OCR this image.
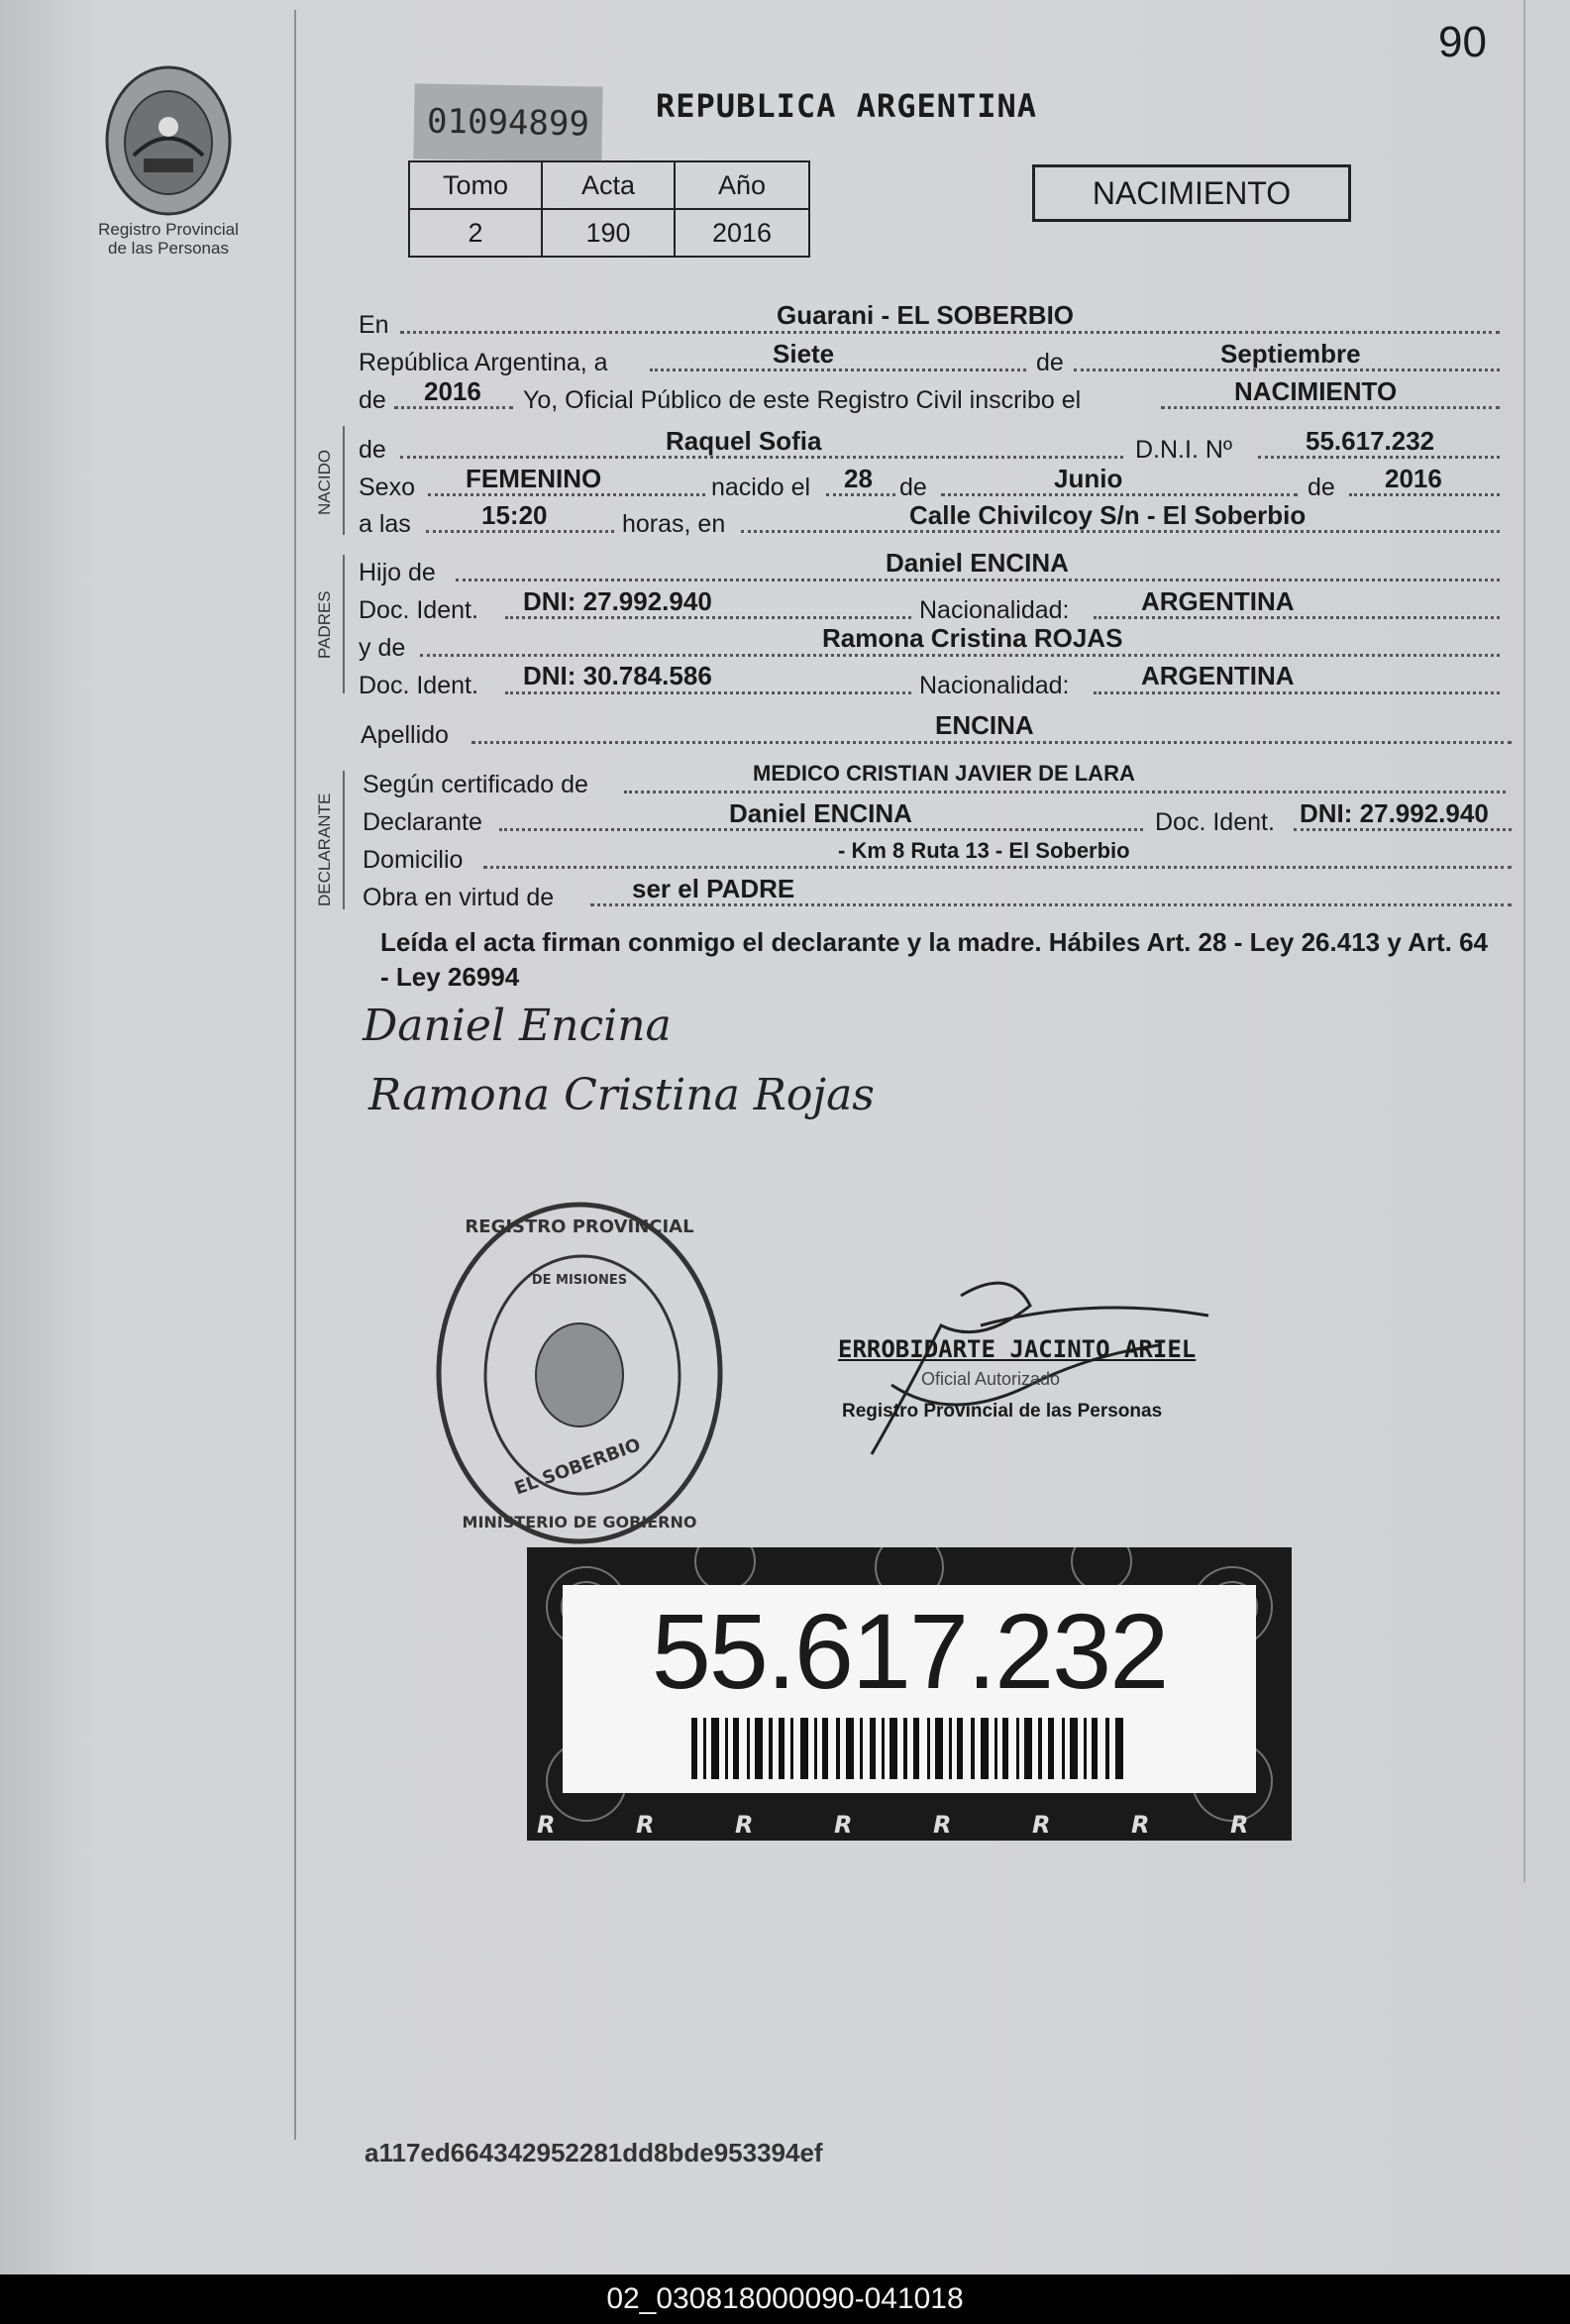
90
Registro Provincial
de las Personas
01094899	REPUBLICA ARGENTINA
Tomo	Acta	Año
2	190	2016
NACIMIENTO
En	Guarani - EL SOBERBIO
República Argentina, a	Siete	de	Septiembre
de 2016 Yo, Oficial Público de este Registro Civil inscribo el	NACIMIENTO
NACIDO de	Raquel Sofia	D.N.I. Nº	55.617.232
Sexo FEMENINO	nacido el 28 de	Junio	de 2016
a las	15:20	horas, en	Calle Chivilcoy S/n - El Soberbio
PADRES
Hijo de	Daniel ENCINA
Doc. Ident. DNI: 27.992.940	Nacionalidad:	ARGENTINA
y de	Ramona Cristina ROJAS
Doc. Ident. DNI: 30.784.586	Nacionalidad:	ARGENTINA
Apellido	ENCINA
DECLARANTE
Según certificado de	MEDICO CRISTIAN JAVIER DE LARA
Declarante	Daniel ENCINA	Doc. Ident. DNI: 27.992.940
Domicilio	- Km 8 Ruta 13 - El Soberbio
Obra en virtud de	ser el PADRE
Leída el acta firman conmigo el declarante y la madre. Hábiles Art. 28 - Ley 26.413 y Art. 64 - Ley 26994
Daniel Encina
Ramona Cristina Rojas
REGISTRO PROVINCIAL
DE MISIONES
EL SOBERBIO
MINISTERIO DE GOBIERNO
ERROBIDARTE JACINTO ARIEL
Oficial Autorizado
Registro Provincial de las Personas
R	R	R	R	R	R	R	R
55.617.232
a117ed664342952281dd8bde953394ef
02_030818000090-041018
